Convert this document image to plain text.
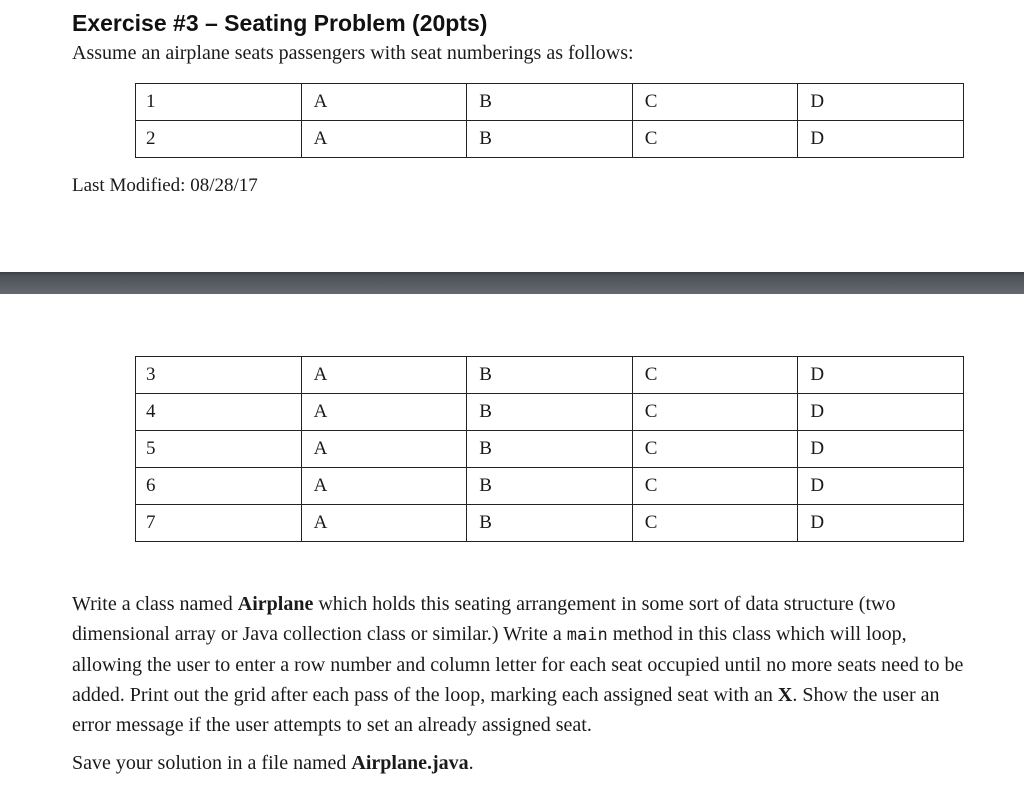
Exercise #3 – Seating Problem (20pts)

Assume an airplane seats passengers with seat numberings as follows:

1	A	B	C	D
2	A	B	C	D

Last Modified: 08/28/17

3	A	B	C	D
4	A	B	C	D
5	A	B	C	D
6	A	B	C	D
7	A	B	C	D

Write a class named Airplane which holds this seating arrangement in some sort of data structure (two dimensional array or Java collection class or similar.) Write a main method in this class which will loop, allowing the user to enter a row number and column letter for each seat occupied until no more seats need to be added. Print out the grid after each pass of the loop, marking each assigned seat with an X. Show the user an error message if the user attempts to set an already assigned seat.

Save your solution in a file named Airplane.java.
